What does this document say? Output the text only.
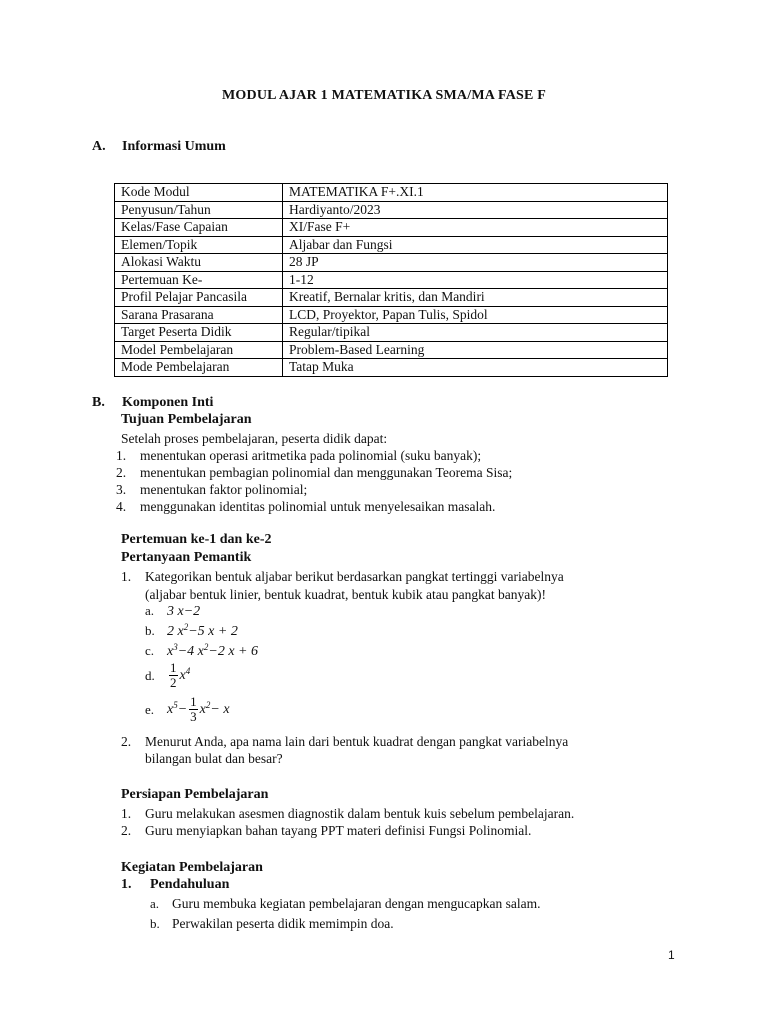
MODUL AJAR 1 MATEMATIKA SMA/MA FASE F
A. Informasi Umum
Kode Modul	MATEMATIKA F+.XI.1
Penyusun/Tahun	Hardiyanto/2023
Kelas/Fase Capaian	XI/Fase F+
Elemen/Topik	Aljabar dan Fungsi
Alokasi Waktu	28 JP
Pertemuan Ke-	1-12
Profil Pelajar Pancasila	Kreatif, Bernalar kritis, dan Mandiri
Sarana Prasarana	LCD, Proyektor, Papan Tulis, Spidol
Target Peserta Didik	Regular/tipikal
Model Pembelajaran	Problem-Based Learning
Mode Pembelajaran	Tatap Muka
B. Komponen Inti
Tujuan Pembelajaran
Setelah proses pembelajaran, peserta didik dapat:
1. menentukan operasi aritmetika pada polinomial (suku banyak);
2. menentukan pembagian polinomial dan menggunakan Teorema Sisa;
3. menentukan faktor polinomial;
4. menggunakan identitas polinomial untuk menyelesaikan masalah.
Pertemuan ke-1 dan ke-2
Pertanyaan Pemantik
1. Kategorikan bentuk aljabar berikut berdasarkan pangkat tertinggi variabelnya
(aljabar bentuk linier, bentuk kuadrat, bentuk kubik atau pangkat banyak)!
a. 3 x−2
b. 2 $x^2-5$ x + 2
c. $x^3-4$ $x^2-2$ x + 6
d. $\frac{1}{2} x^4$
e. $x^5- \frac{1}{3} x^2- x$
2. Menurut Anda, apa nama lain dari bentuk kuadrat dengan pangkat variabelnya
bilangan bulat dan besar?
Persiapan Pembelajaran
1. Guru melakukan asesmen diagnostik dalam bentuk kuis sebelum pembelajaran.
2. Guru menyiapkan bahan tayang PPT materi definisi Fungsi Polinomial.
Kegiatan Pembelajaran
1. Pendahuluan
a. Guru membuka kegiatan pembelajaran dengan mengucapkan salam.
b. Perwakilan peserta didik memimpin doa.
1
